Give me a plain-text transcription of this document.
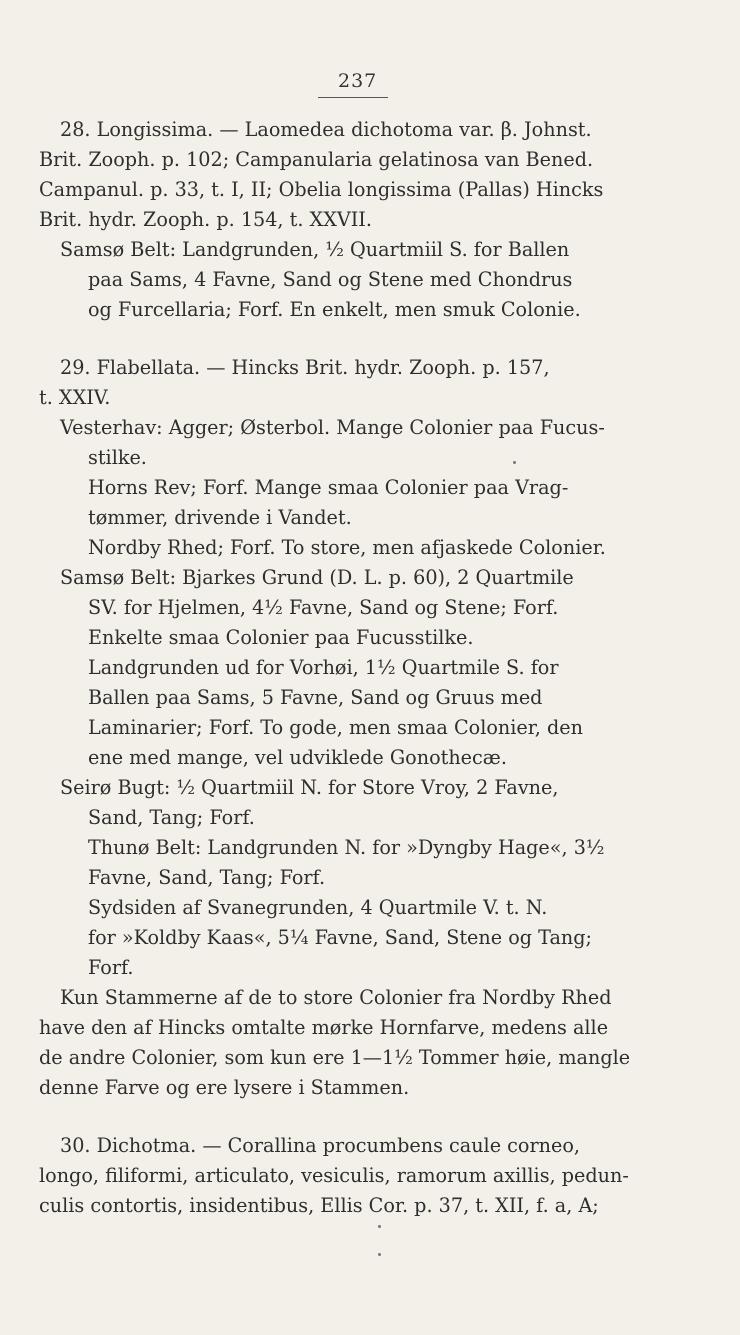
237
28. Longissima. — Laomedea dichotoma var. β. Johnst.
Brit. Zooph. p. 102; Campanularia gelatinosa van Bened.
Campanul. p. 33, t. I, II; Obelia longissima (Pallas) Hincks
Brit. hydr. Zooph. p. 154, t. XXVII.
Samsø Belt: Landgrunden, ½ Quartmiil S. for Ballen
paa Sams, 4 Favne, Sand og Stene med Chondrus
og Furcellaria; Forf. En enkelt, men smuk Colonie.
29. Flabellata. — Hincks Brit. hydr. Zooph. p. 157,
t. XXIV.
Vesterhav: Agger; Østerbol. Mange Colonier paa Fucus-
stilke.
Horns Rev; Forf. Mange smaa Colonier paa Vrag-
tømmer, drivende i Vandet.
Nordby Rhed; Forf. To store, men afjaskede Colonier.
Samsø Belt: Bjarkes Grund (D. L. p. 60), 2 Quartmile
SV. for Hjelmen, 4½ Favne, Sand og Stene; Forf.
Enkelte smaa Colonier paa Fucusstilke.
Landgrunden ud for Vorhøi, 1½ Quartmile S. for
Ballen paa Sams, 5 Favne, Sand og Gruus med
Laminarier; Forf. To gode, men smaa Colonier, den
ene med mange, vel udviklede Gonothecæ.
Seirø Bugt: ½ Quartmiil N. for Store Vroy, 2 Favne,
Sand, Tang; Forf.
Thunø Belt: Landgrunden N. for »Dyngby Hage«, 3½
Favne, Sand, Tang; Forf.
Sydsiden af Svanegrunden, 4 Quartmile V. t. N.
for »Koldby Kaas«, 5¼ Favne, Sand, Stene og Tang;
Forf.
Kun Stammerne af de to store Colonier fra Nordby Rhed
have den af Hincks omtalte mørke Hornfarve, medens alle
de andre Colonier, som kun ere 1—1½ Tommer høie, mangle
denne Farve og ere lysere i Stammen.
30. Dichotma. — Corallina procumbens caule corneo,
longo, filiformi, articulato, vesiculis, ramorum axillis, pedun-
culis contortis, insidentibus, Ellis Cor. p. 37, t. XII, f. a, A;
